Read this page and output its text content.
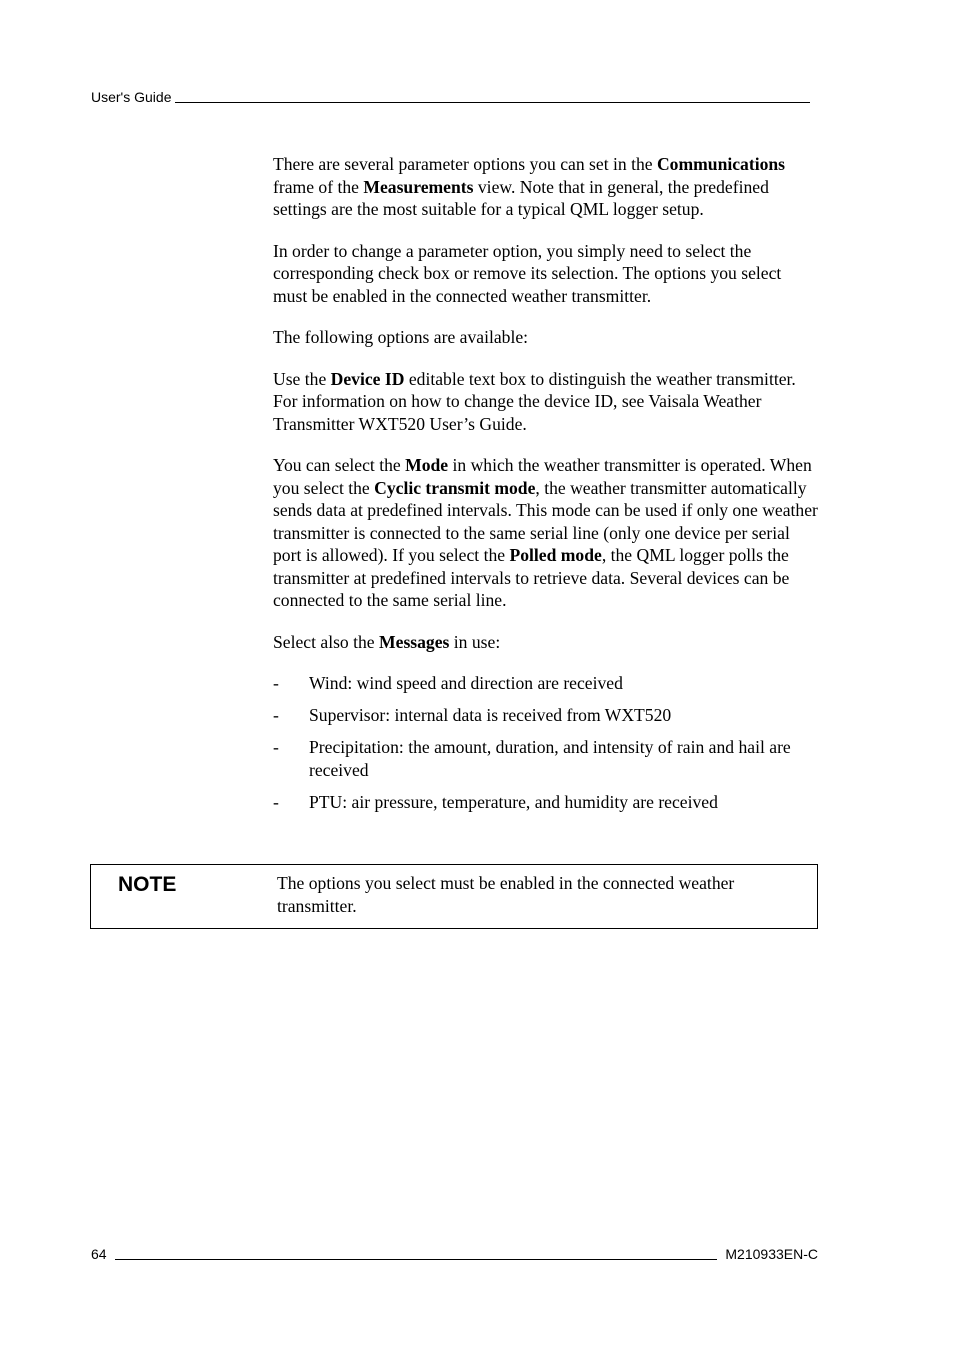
User's Guide

There are several parameter options you can set in the Communications frame of the Measurements view. Note that in general, the predefined settings are the most suitable for a typical QML logger setup.

In order to change a parameter option, you simply need to select the corresponding check box or remove its selection. The options you select must be enabled in the connected weather transmitter.

The following options are available:

Use the Device ID editable text box to distinguish the weather transmitter. For information on how to change the device ID, see Vaisala Weather Transmitter WXT520 User’s Guide.

You can select the Mode in which the weather transmitter is operated. When you select the Cyclic transmit mode, the weather transmitter automatically sends data at predefined intervals. This mode can be used if only one weather transmitter is connected to the same serial line (only one device per serial port is allowed). If you select the Polled mode, the QML logger polls the transmitter at predefined intervals to retrieve data. Several devices can be connected to the same serial line.

Select also the Messages in use:

- Wind: wind speed and direction are received
- Supervisor: internal data is received from WXT520
- Precipitation: the amount, duration, and intensity of rain and hail are received
- PTU: air pressure, temperature, and humidity are received
NOTE	The options you select must be enabled in the connected weather transmitter.
64	M210933EN-C
